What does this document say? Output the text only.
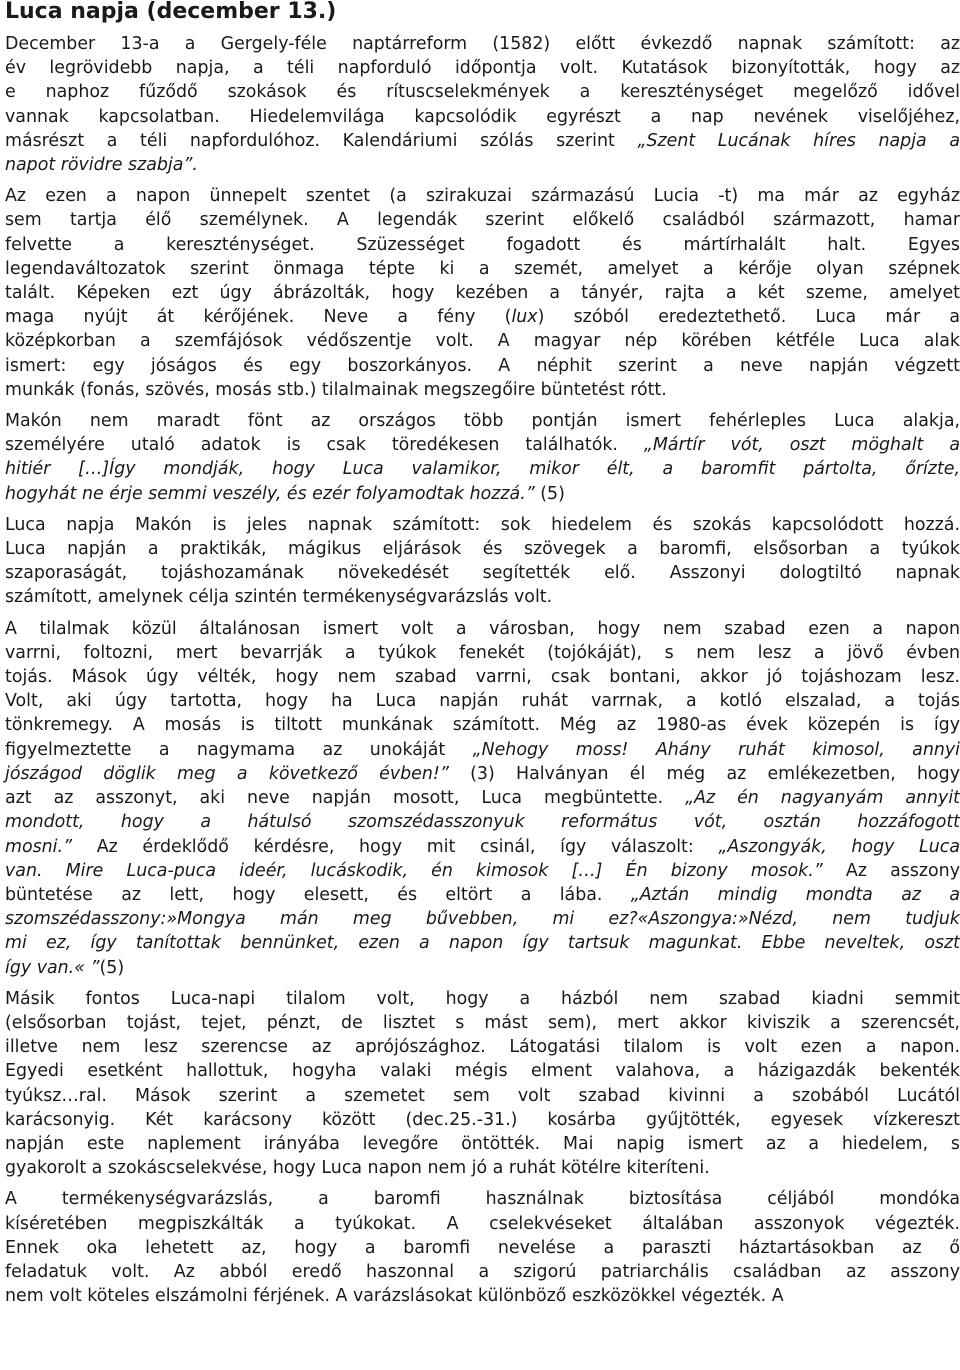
Luca napja (december 13.)
December 13-a a Gergely-féle naptárreform (1582) előtt évkezdő napnak számított: az
év legrövidebb napja, a téli napforduló időpontja volt. Kutatások bizonyították, hogy az
e naphoz fűződő szokások és rítuscselekmények a kereszténységet megelőző idővel
vannak kapcsolatban. Hiedelemvilága kapcsolódik egyrészt a nap nevének viselőjéhez,
másrészt a téli napfordulóhoz. Kalendáriumi szólás szerint „Szent Lucának híres napja a
napot rövidre szabja”.
Az ezen a napon ünnepelt szentet (a szirakuzai származású Lucia -t) ma már az egyház
sem tartja élő személynek. A legendák szerint előkelő családból származott, hamar
felvette a kereszténységet. Szüzességet fogadott és mártírhalált halt. Egyes
legendaváltozatok szerint önmaga tépte ki a szemét, amelyet a kérője olyan szépnek
talált. Képeken ezt úgy ábrázolták, hogy kezében a tányér, rajta a két szeme, amelyet
maga nyújt át kérőjének. Neve a fény (lux) szóból eredeztethető. Luca már a
középkorban a szemfájósok védőszentje volt. A magyar nép körében kétféle Luca alak
ismert: egy jóságos és egy boszorkányos. A néphit szerint a neve napján végzett
munkák (fonás, szövés, mosás stb.) tilalmainak megszegőire büntetést rótt.
Makón nem maradt fönt az országos több pontján ismert fehérleples Luca alakja,
személyére utaló adatok is csak töredékesen találhatók. „Mártír vót, oszt möghalt a
hitiér […]Így mondják, hogy Luca valamikor, mikor élt, a baromfit pártolta, őrízte,
hogyhát ne érje semmi veszély, és ezér folyamodtak hozzá.” (5)
Luca napja Makón is jeles napnak számított: sok hiedelem és szokás kapcsolódott hozzá.
Luca napján a praktikák, mágikus eljárások és szövegek a baromfi, elsősorban a tyúkok
szaporaságát, tojáshozamának növekedését segítették elő. Asszonyi dologtiltó napnak
számított, amelynek célja szintén termékenységvarázslás volt.
A tilalmak közül általánosan ismert volt a városban, hogy nem szabad ezen a napon
varrni, foltozni, mert bevarrják a tyúkok fenekét (tojókáját), s nem lesz a jövő évben
tojás. Mások úgy vélték, hogy nem szabad varrni, csak bontani, akkor jó tojáshozam lesz.
Volt, aki úgy tartotta, hogy ha Luca napján ruhát varrnak, a kotló elszalad, a tojás
tönkremegy. A mosás is tiltott munkának számított. Még az 1980-as évek közepén is így
figyelmeztette a nagymama az unokáját „Nehogy moss! Ahány ruhát kimosol, annyi
jószágod döglik meg a következő évben!” (3) Halványan él még az emlékezetben, hogy
azt az asszonyt, aki neve napján mosott, Luca megbüntette. „Az én nagyanyám annyit
mondott, hogy a hátulsó szomszédasszonyuk református vót, osztán hozzáfogott
mosni.” Az érdeklődő kérdésre, hogy mit csinál, így válaszolt: „Aszongyák, hogy Luca
van. Mire Luca-puca ideér, lucáskodik, én kimosok […] Én bizony mosok.” Az asszony
büntetése az lett, hogy elesett, és eltört a lába. „Aztán mindig mondta az a
szomszédasszony:»Mongya mán meg bűvebben, mi ez?«Aszongya:»Nézd, nem tudjuk
mi ez, így tanítottak bennünket, ezen a napon így tartsuk magunkat. Ebbe neveltek, oszt
így van.« ”(5)
Másik fontos Luca-napi tilalom volt, hogy a házból nem szabad kiadni semmit
(elsősorban tojást, tejet, pénzt, de lisztet s mást sem), mert akkor kiviszik a szerencsét,
illetve nem lesz szerencse az aprójószághoz. Látogatási tilalom is volt ezen a napon.
Egyedi esetként hallottuk, hogyha valaki mégis elment valahova, a házigazdák bekenték
tyúksz…ral. Mások szerint a szemetet sem volt szabad kivinni a szobából Lucától
karácsonyig. Két karácsony között (dec.25.-31.) kosárba gyűjtötték, egyesek vízkereszt
napján este naplement irányába levegőre öntötték. Mai napig ismert az a hiedelem, s
gyakorolt a szokáscselekvése, hogy Luca napon nem jó a ruhát kötélre kiteríteni.
A termékenységvarázslás, a baromfi használnak biztosítása céljából mondóka
kíséretében megpiszkálták a tyúkokat. A cselekvéseket általában asszonyok végezték.
Ennek oka lehetett az, hogy a baromfi nevelése a paraszti háztartásokban az ő
feladatuk volt. Az abból eredő haszonnal a szigorú patriarchális családban az asszony
nem volt köteles elszámolni férjének. A varázslásokat különböző eszközökkel végezték. A
